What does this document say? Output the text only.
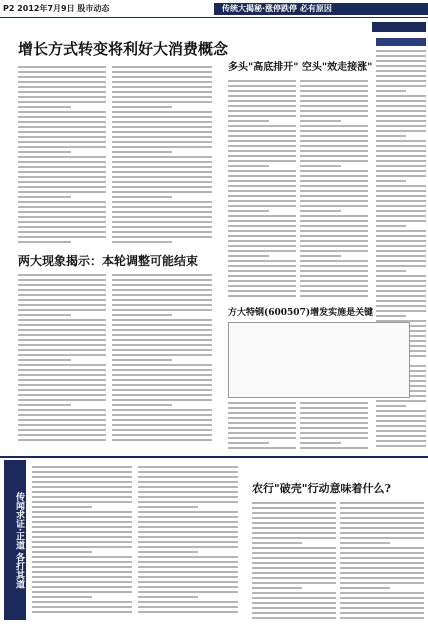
P2 2012年7月9日 股市动态	传统大揭秘·涨停跌停 必有原因
增长方式转变将利好大消费概念
两大现象揭示：本轮调整可能结束
多头"高底排开" 空头"效走接涨"
方大特钢(600507)增发实施是关键
传闻求证·正道 各打其道
农行"破壳"行动意味着什么?
